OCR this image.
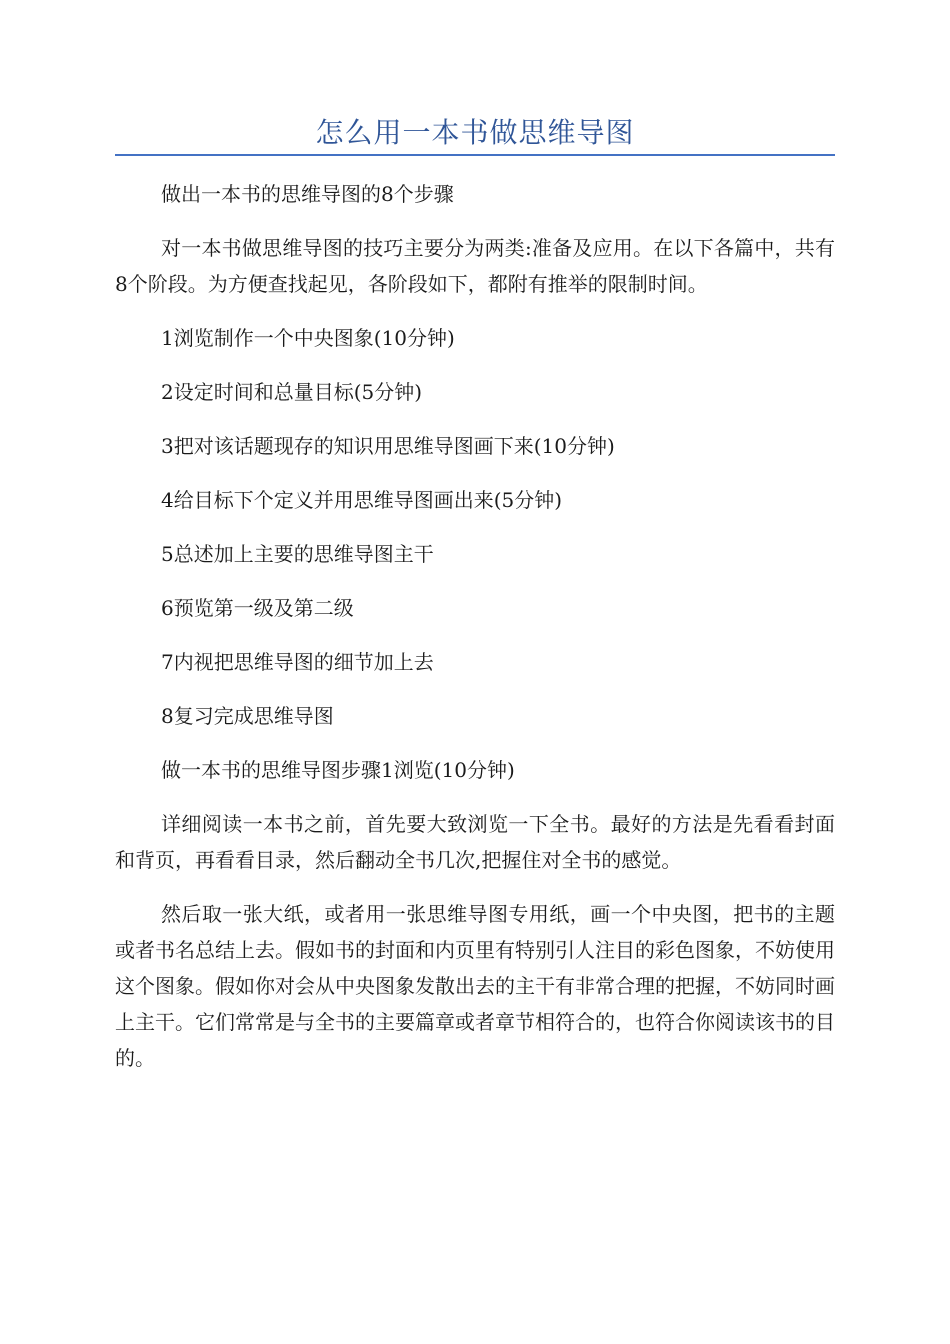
怎么用一本书做思维导图

做出一本书的思维导图的8个步骤

对一本书做思维导图的技巧主要分为两类:准备及应用。在以下各篇中，共有8个阶段。为方便查找起见，各阶段如下，都附有推举的限制时间。

1浏览制作一个中央图象(10分钟)

2设定时间和总量目标(5分钟)

3把对该话题现存的知识用思维导图画下来(10分钟)

4给目标下个定义并用思维导图画出来(5分钟)

5总述加上主要的思维导图主干

6预览第一级及第二级

7内视把思维导图的细节加上去

8复习完成思维导图

做一本书的思维导图步骤1浏览(10分钟)

详细阅读一本书之前，首先要大致浏览一下全书。最好的方法是先看看封面和背页，再看看目录，然后翻动全书几次,把握住对全书的感觉。

然后取一张大纸，或者用一张思维导图专用纸，画一个中央图，把书的主题或者书名总结上去。假如书的封面和内页里有特别引人注目的彩色图象，不妨使用这个图象。假如你对会从中央图象发散出去的主干有非常合理的把握，不妨同时画上主干。它们常常是与全书的主要篇章或者章节相符合的，也符合你阅读该书的目的。
